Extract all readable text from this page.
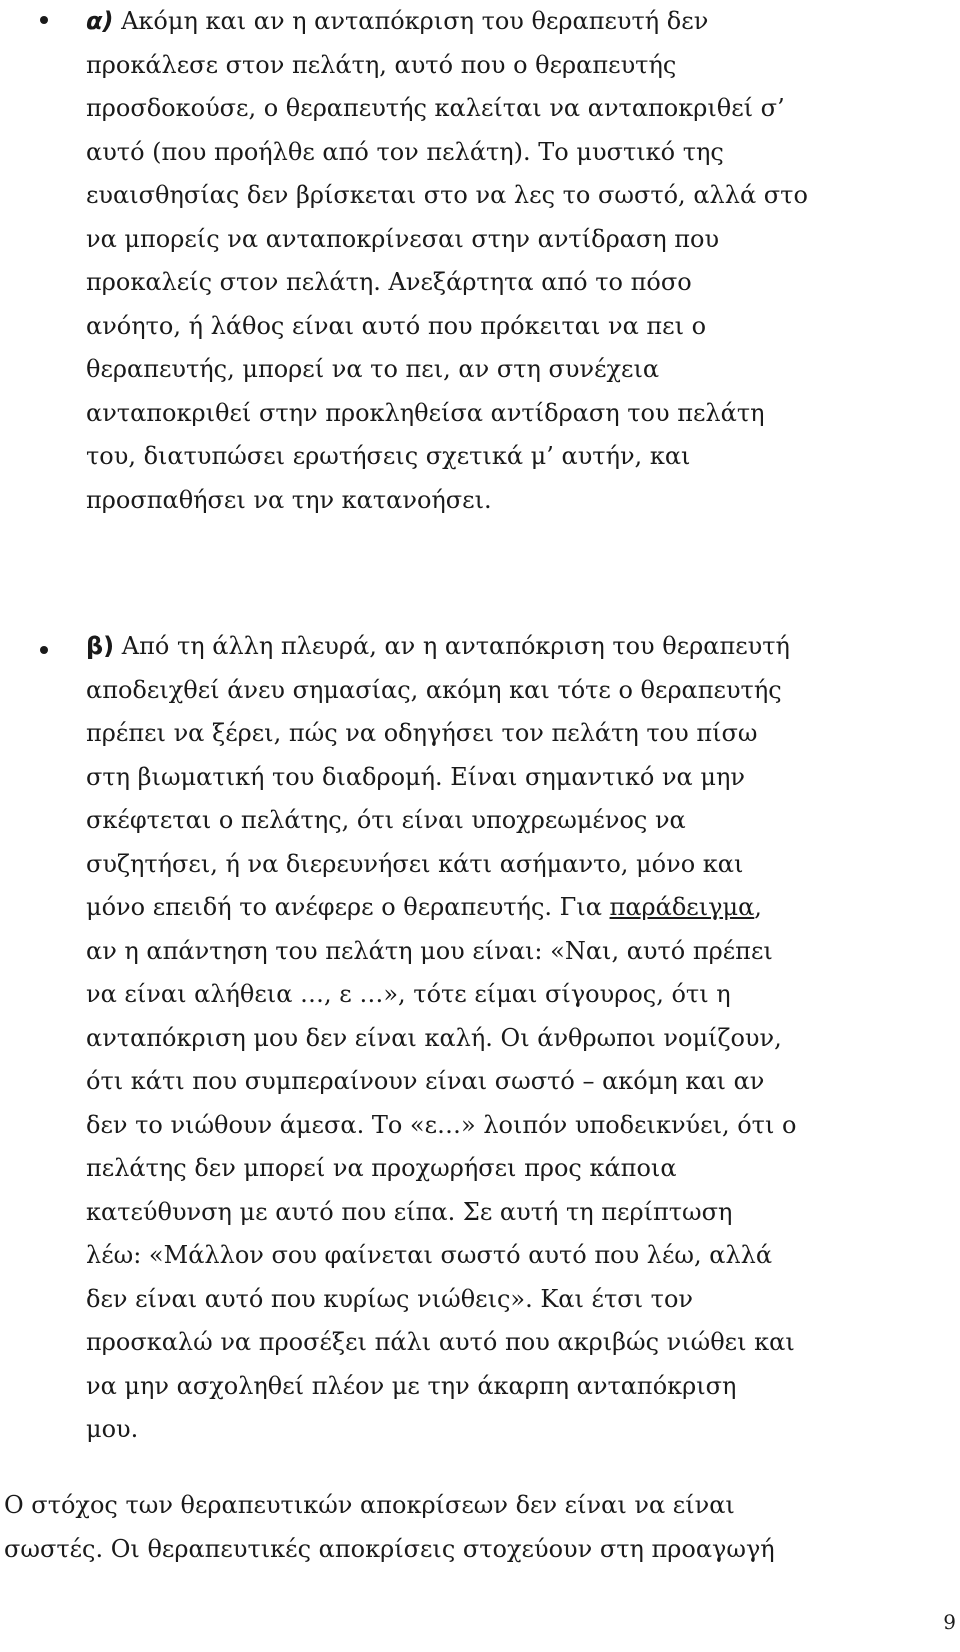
α) Ακόμη και αν η ανταπόκριση του θεραπευτή δεν
προκάλεσε στον πελάτη, αυτό που ο θεραπευτής
προσδοκούσε, ο θεραπευτής καλείται να ανταποκριθεί σ’
αυτό (που προήλθε από τον πελάτη). Το μυστικό της
ευαισθησίας δεν βρίσκεται στο να λες το σωστό, αλλά στο
να μπορείς να ανταποκρίνεσαι στην αντίδραση που
προκαλείς στον πελάτη. Ανεξάρτητα από το πόσο
ανόητο, ή λάθος είναι αυτό που πρόκειται να πει ο
θεραπευτής, μπορεί να το πει, αν στη συνέχεια
ανταποκριθεί στην προκληθείσα αντίδραση του πελάτη
του, διατυπώσει ερωτήσεις σχετικά μ’ αυτήν, και
προσπαθήσει να την κατανοήσει.

β) Από τη άλλη πλευρά, αν η ανταπόκριση του θεραπευτή
αποδειχθεί άνευ σημασίας, ακόμη και τότε ο θεραπευτής
πρέπει να ξέρει, πώς να οδηγήσει τον πελάτη του πίσω
στη βιωματική του διαδρομή. Είναι σημαντικό να μην
σκέφτεται ο πελάτης, ότι είναι υποχρεωμένος να
συζητήσει, ή να διερευνήσει κάτι ασήμαντο, μόνο και
μόνο επειδή το ανέφερε ο θεραπευτής. Για παράδειγμα,
αν η απάντηση του πελάτη μου είναι: «Ναι, αυτό πρέπει
να είναι αλήθεια …, ε …», τότε είμαι σίγουρος, ότι η
ανταπόκριση μου δεν είναι καλή. Οι άνθρωποι νομίζουν,
ότι κάτι που συμπεραίνουν είναι σωστό – ακόμη και αν
δεν το νιώθουν άμεσα. Το «ε…» λοιπόν υποδεικνύει, ότι ο
πελάτης δεν μπορεί να προχωρήσει προς κάποια
κατεύθυνση με αυτό που είπα. Σε αυτή τη περίπτωση
λέω: «Μάλλον σου φαίνεται σωστό αυτό που λέω, αλλά
δεν είναι αυτό που κυρίως νιώθεις». Και έτσι τον
προσκαλώ να προσέξει πάλι αυτό που ακριβώς νιώθει και
να μην ασχοληθεί πλέον με την άκαρπη ανταπόκριση
μου.

Ο στόχος των θεραπευτικών αποκρίσεων δεν είναι να είναι
σωστές. Οι θεραπευτικές αποκρίσεις στοχεύουν στη προαγωγή

9
